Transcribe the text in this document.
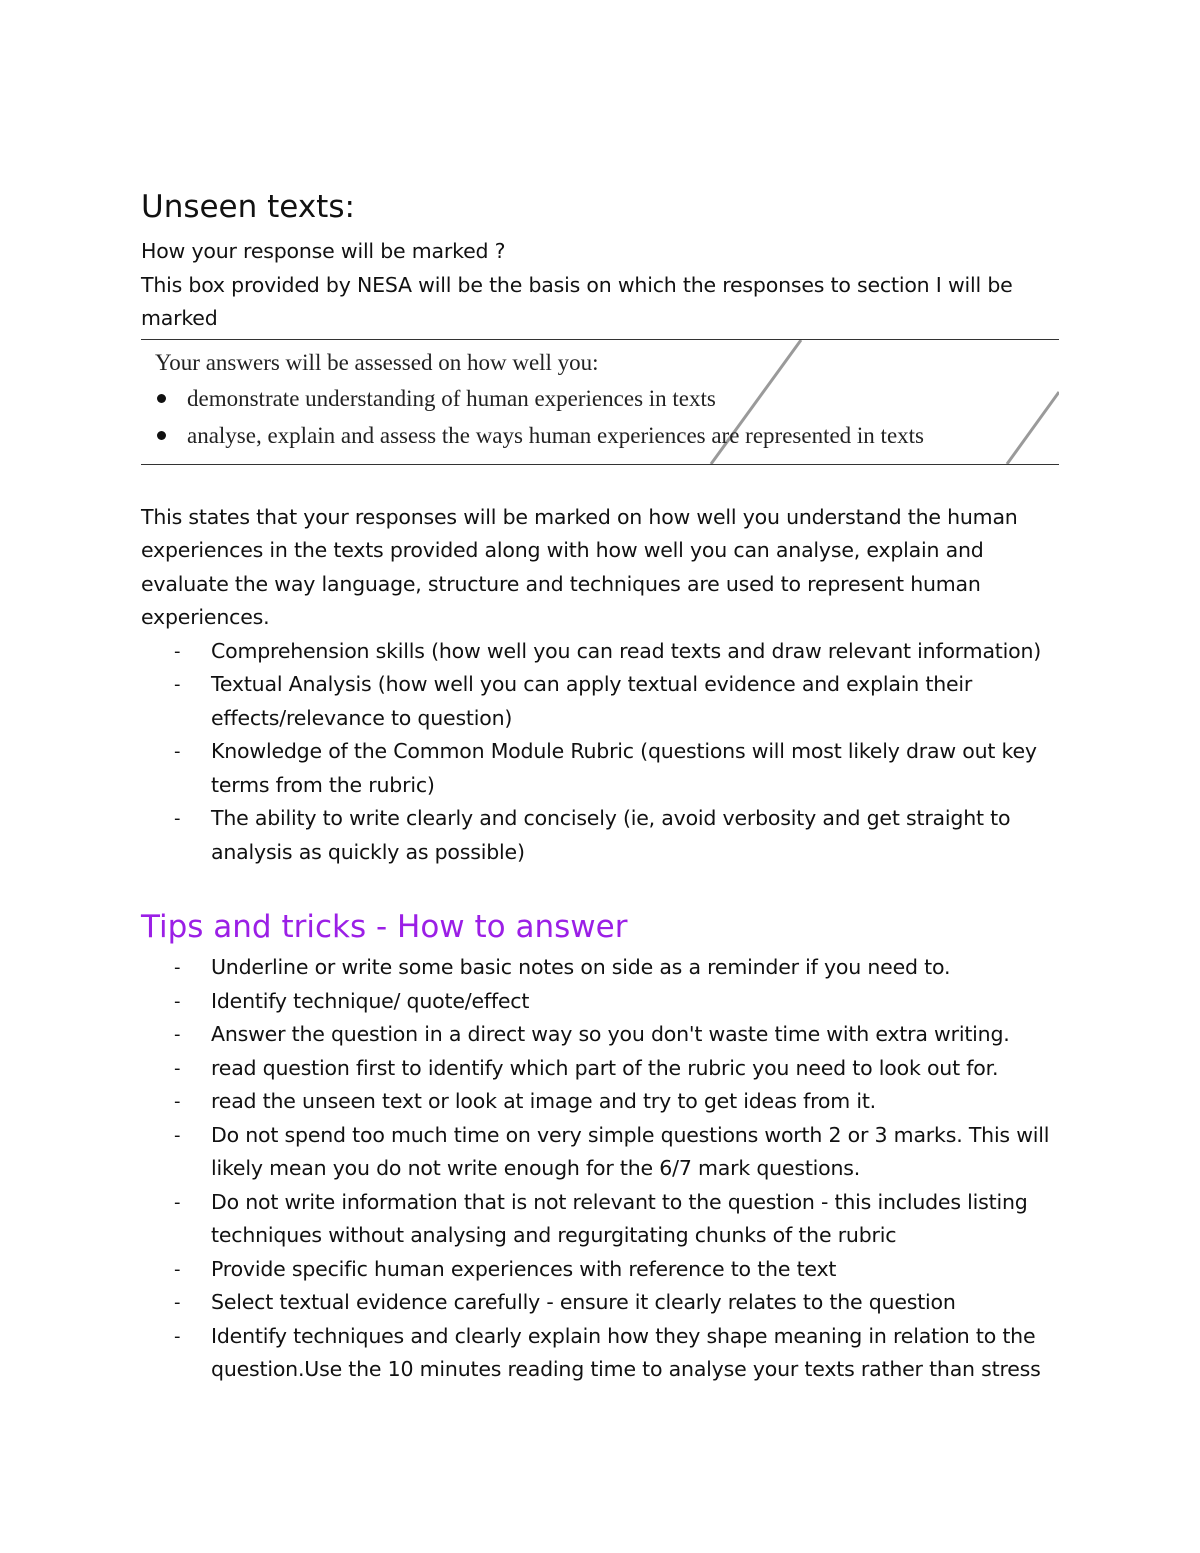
Unseen texts:

How your response will be marked ?

This box provided by NESA will be the basis on which the responses to section I will be marked

Your answers will be assessed on how well you:
demonstrate understanding of human experiences in texts
analyse, explain and assess the ways human experiences are represented in texts

This states that your responses will be marked on how well you understand the human experiences in the texts provided along with how well you can analyse, explain and evaluate the way language, structure and techniques are used to represent human experiences.

- Comprehension skills (how well you can read texts and draw relevant information)
- Textual Analysis (how well you can apply textual evidence and explain their effects/relevance to question)
- Knowledge of the Common Module Rubric (questions will most likely draw out key terms from the rubric)
- The ability to write clearly and concisely (ie, avoid verbosity and get straight to analysis as quickly as possible)
Tips and tricks - How to answer
- Underline or write some basic notes on side as a reminder if you need to.
- Identify technique/ quote/effect
- Answer the question in a direct way so you don't waste time with extra writing.
- read question first to identify which part of the rubric you need to look out for.
- read the unseen text or look at image and try to get ideas from it.
- Do not spend too much time on very simple questions worth 2 or 3 marks. This will likely mean you do not write enough for the 6/7 mark questions.
- Do not write information that is not relevant to the question - this includes listing techniques without analysing and regurgitating chunks of the rubric
- Provide specific human experiences with reference to the text
- Select textual evidence carefully - ensure it clearly relates to the question
- Identify techniques and clearly explain how they shape meaning in relation to the question.Use the 10 minutes reading time to analyse your texts rather than stress
